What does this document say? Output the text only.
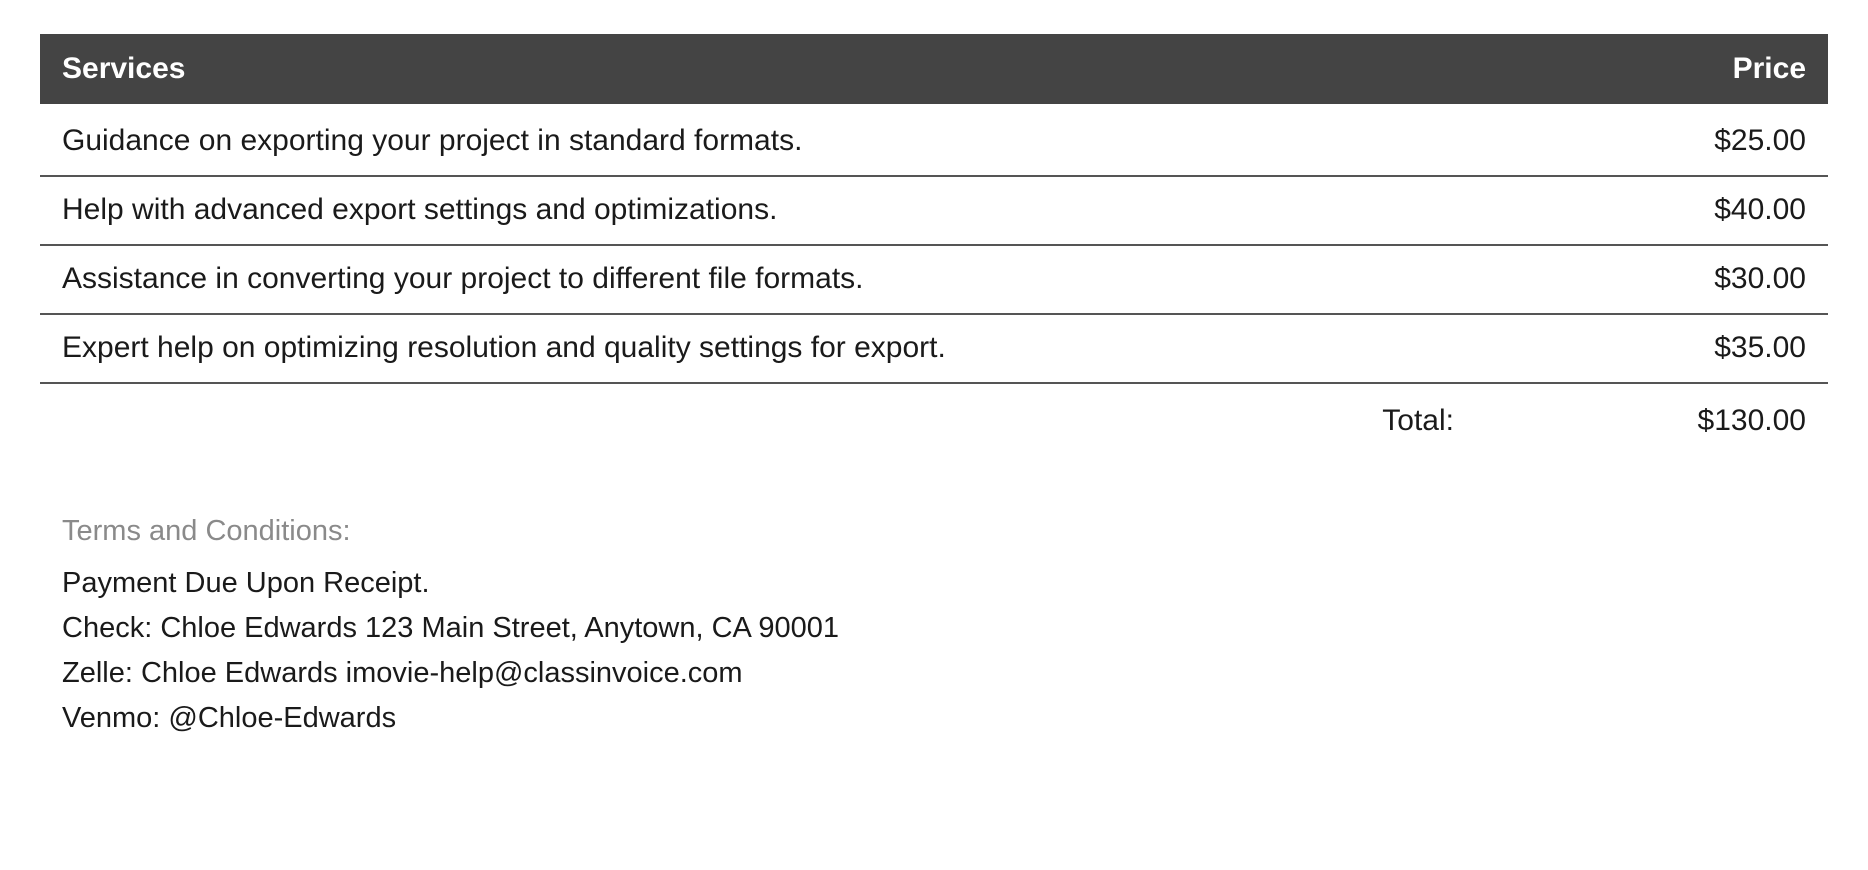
Services	Price
Guidance on exporting your project in standard formats.	$25.00
Help with advanced export settings and optimizations.	$40.00
Assistance in converting your project to different file formats.	$30.00
Expert help on optimizing resolution and quality settings for export.	$35.00
Total:	$130.00
Terms and Conditions:
Payment Due Upon Receipt.
Check: Chloe Edwards 123 Main Street, Anytown, CA 90001
Zelle: Chloe Edwards imovie-help@classinvoice.com
Venmo: @Chloe-Edwards
